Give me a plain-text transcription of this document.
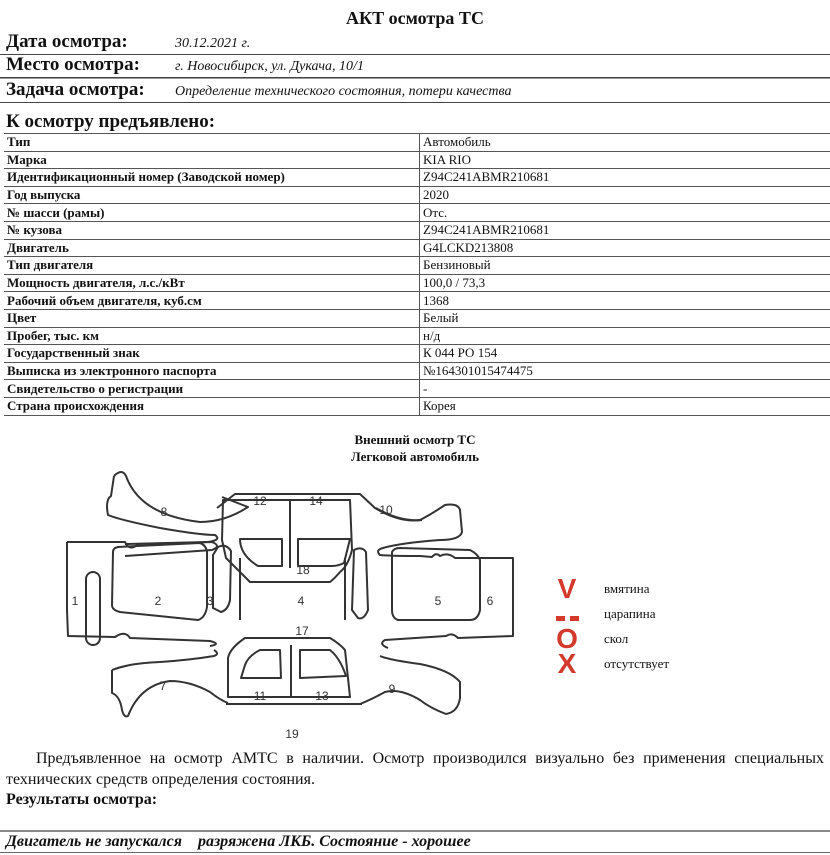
АКТ осмотра ТС
Дата осмотра:	30.12.2021 г.
Место осмотра:	г. Новосибирск, ул. Дукача, 10/1
Задача осмотра: Определение технического состояния, потери качества
К осмотру предъявлено:
Тип	Автомобиль
Марка	KIA RIO
Идентификационный номер (Заводской номер)	Z94C241ABMR210681
Год выпуска	2020
№ шасси (рамы)	Отс.
№ кузова	Z94C241ABMR210681
Двигатель	G4LCKD213808
Тип двигателя	Бензиновый
Мощность двигателя, л.с./кВт	100,0 / 73,3
Рабочий объем двигателя, куб.см	1368
Цвет	Белый
Пробег, тыс. км	н/д
Государственный знак	К 044 РО 154
Выписка из электронного паспорта	№164301015474475
Свидетельство о регистрации	-
Страна происхождения	Корея
Внешний осмотр ТС
Легковой автомобиль
1	2	3	4	5	6
7
8
9
10
11
12
13
14
17
18
19
V	вмятина
царапина
O	скол
X	отсутствует
Предъявленное на осмотр АМТС в наличии. Осмотр производился визуально без применения специальных технических средств определения состояния.
Результаты осмотра:
Двигатель не запускался    разряжена ЛКБ. Состояние - хорошее
